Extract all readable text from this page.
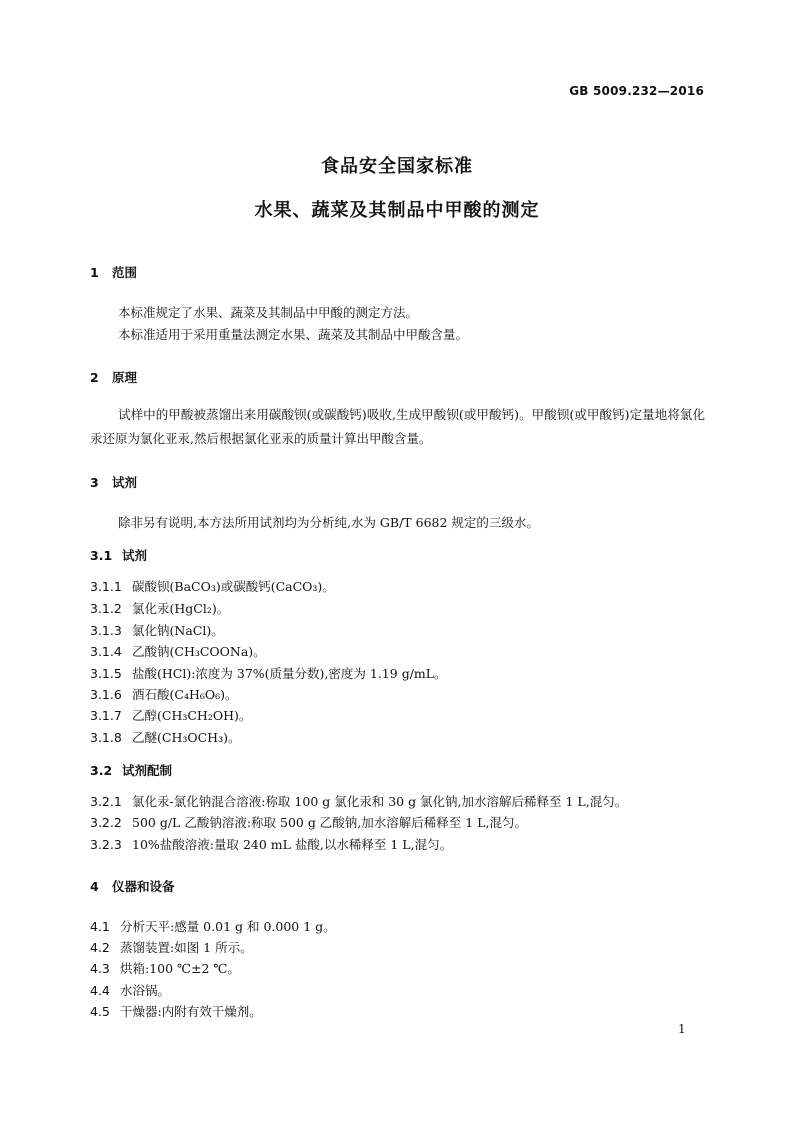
GB 5009.232—2016
食品安全国家标准
水果、蔬菜及其制品中甲酸的测定
1 范围
本标准规定了水果、蔬菜及其制品中甲酸的测定方法。
本标准适用于采用重量法测定水果、蔬菜及其制品中甲酸含量。
2 原理
试样中的甲酸被蒸馏出来用碳酸钡(或碳酸钙)吸收,生成甲酸钡(或甲酸钙)。甲酸钡(或甲酸钙)定量地将氯化汞还原为氯化亚汞,然后根据氯化亚汞的质量计算出甲酸含量。
3 试剂
除非另有说明,本方法所用试剂均为分析纯,水为 GB/T 6682 规定的三级水。
3.1 试剂
3.1.1 碳酸钡(BaCO₃)或碳酸钙(CaCO₃)。
3.1.2 氯化汞(HgCl₂)。
3.1.3 氯化钠(NaCl)。
3.1.4 乙酸钠(CH₃COONa)。
3.1.5 盐酸(HCl):浓度为 37%(质量分数),密度为 1.19 g/mL。
3.1.6 酒石酸(C₄H₆O₆)。
3.1.7 乙醇(CH₃CH₂OH)。
3.1.8 乙醚(CH₃OCH₃)。
3.2 试剂配制
3.2.1 氯化汞-氯化钠混合溶液:称取 100 g 氯化汞和 30 g 氯化钠,加水溶解后稀释至 1 L,混匀。
3.2.2 500 g/L 乙酸钠溶液:称取 500 g 乙酸钠,加水溶解后稀释至 1 L,混匀。
3.2.3 10%盐酸溶液:量取 240 mL 盐酸,以水稀释至 1 L,混匀。
4 仪器和设备
4.1 分析天平:感量 0.01 g 和 0.000 1 g。
4.2 蒸馏装置:如图 1 所示。
4.3 烘箱:100 ℃±2 ℃。
4.4 水浴锅。
4.5 干燥器:内附有效干燥剂。
1
